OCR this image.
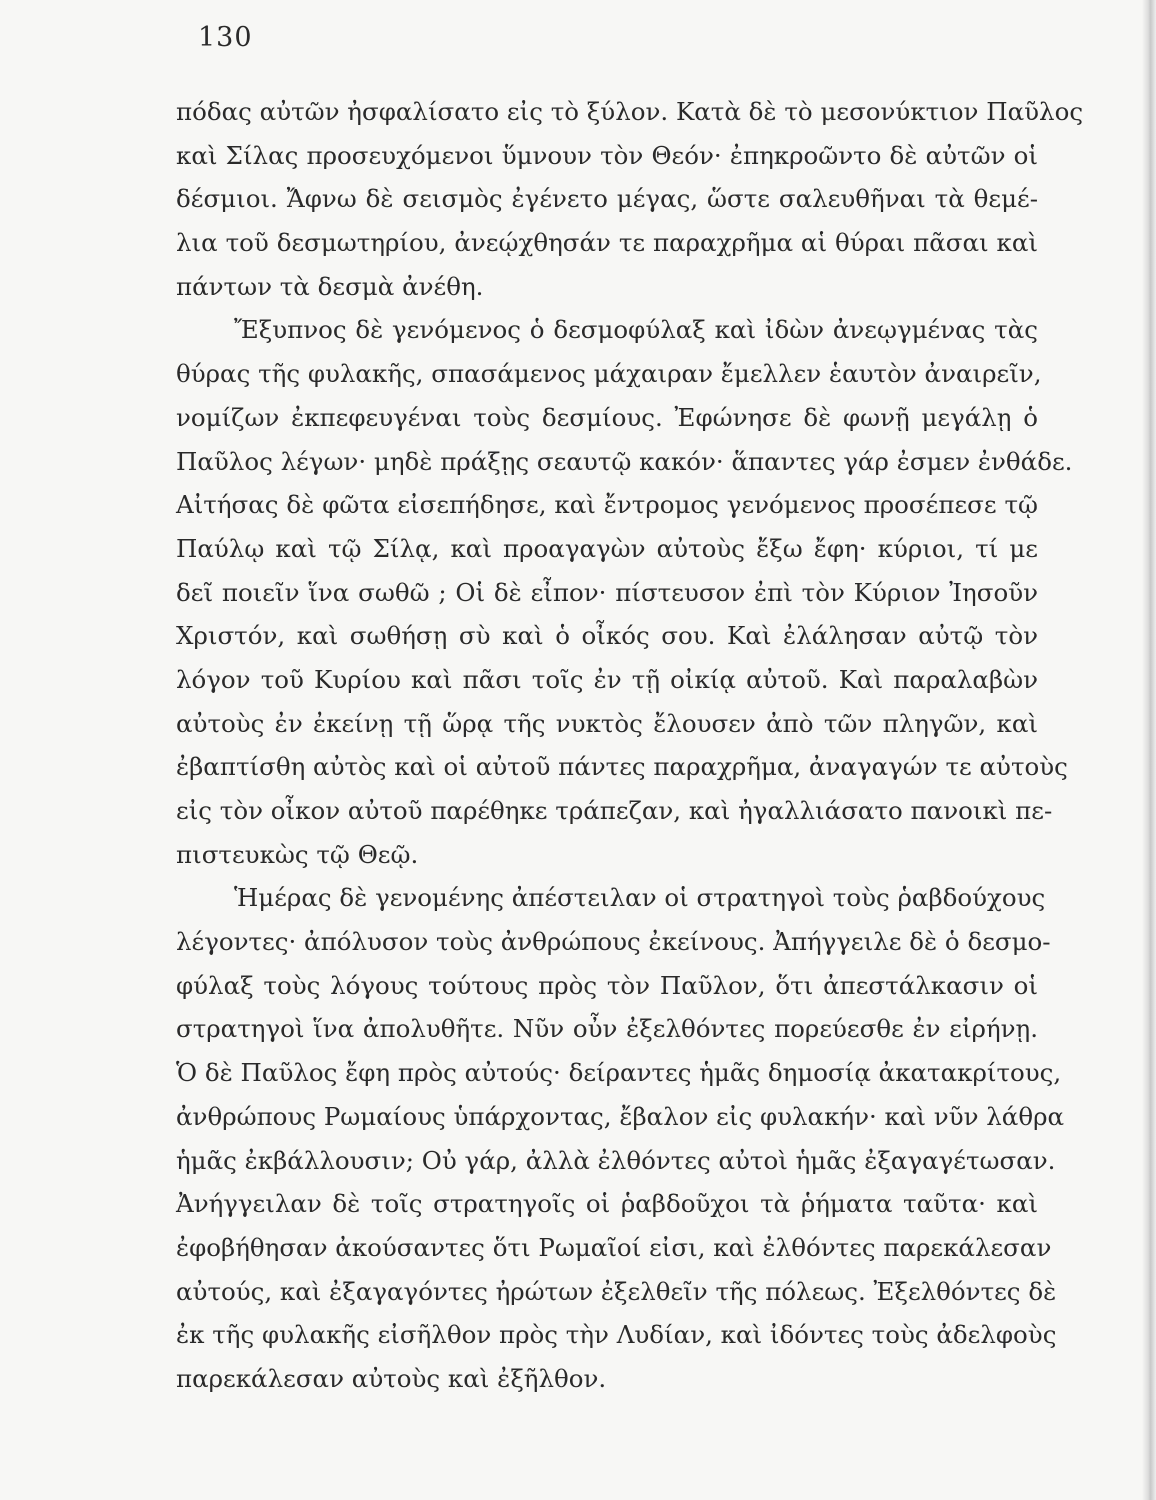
130
πόδας αὐτῶν ἠσφαλίσατο εἰς τὸ ξύλον. Κατὰ δὲ τὸ μεσονύκτιον Παῦλος
καὶ Σίλας προσευχόμενοι ὕμνουν τὸν Θεόν· ἐπηκροῶντο δὲ αὐτῶν οἱ
δέσμιοι. Ἄφνω δὲ σεισμὸς ἐγένετο μέγας, ὥστε σαλευθῆναι τὰ θεμέ-
λια τοῦ δεσμωτηρίου, ἀνεῴχθησάν τε παραχρῆμα αἱ θύραι πᾶσαι καὶ
πάντων τὰ δεσμὰ ἀνέθη.
Ἔξυπνος δὲ γενόμενος ὁ δεσμοφύλαξ καὶ ἰδὼν ἀνεῳγμένας τὰς
θύρας τῆς φυλακῆς, σπασάμενος μάχαιραν ἔμελλεν ἑαυτὸν ἀναιρεῖν,
νομίζων ἐκπεφευγέναι τοὺς δεσμίους. Ἐφώνησε δὲ φωνῇ μεγάλῃ ὁ
Παῦλος λέγων· μηδὲ πράξῃς σεαυτῷ κακόν· ἅπαντες γάρ ἐσμεν ἐνθάδε.
Αἰτήσας δὲ φῶτα εἰσεπήδησε, καὶ ἔντρομος γενόμενος προσέπεσε τῷ
Παύλῳ καὶ τῷ Σίλᾳ, καὶ προαγαγὼν αὐτοὺς ἔξω ἔφη· κύριοι, τί με
δεῖ ποιεῖν ἵνα σωθῶ ; Οἱ δὲ εἶπον· πίστευσον ἐπὶ τὸν Κύριον Ἰησοῦν
Χριστόν, καὶ σωθήσῃ σὺ καὶ ὁ οἶκός σου. Καὶ ἐλάλησαν αὐτῷ τὸν
λόγον τοῦ Κυρίου καὶ πᾶσι τοῖς ἐν τῇ οἰκίᾳ αὐτοῦ. Καὶ παραλαβὼν
αὐτοὺς ἐν ἐκείνῃ τῇ ὥρᾳ τῆς νυκτὸς ἔλουσεν ἀπὸ τῶν πληγῶν, καὶ
ἐβαπτίσθη αὐτὸς καὶ οἱ αὐτοῦ πάντες παραχρῆμα, ἀναγαγών τε αὐτοὺς
εἰς τὸν οἶκον αὐτοῦ παρέθηκε τράπεζαν, καὶ ἠγαλλιάσατο πανοικὶ πε-
πιστευκὼς τῷ Θεῷ.
Ἡμέρας δὲ γενομένης ἀπέστειλαν οἱ στρατηγοὶ τοὺς ῥαβδούχους
λέγοντες· ἀπόλυσον τοὺς ἀνθρώπους ἐκείνους. Ἀπήγγειλε δὲ ὁ δεσμο-
φύλαξ τοὺς λόγους τούτους πρὸς τὸν Παῦλον, ὅτι ἀπεστάλκασιν οἱ
στρατηγοὶ ἵνα ἀπολυθῆτε. Νῦν οὖν ἐξελθόντες πορεύεσθε ἐν εἰρήνῃ.
Ὁ δὲ Παῦλος ἔφη πρὸς αὐτούς· δείραντες ἡμᾶς δημοσίᾳ ἀκατακρίτους,
ἀνθρώπους Ρωμαίους ὑπάρχοντας, ἔβαλον εἰς φυλακήν· καὶ νῦν λάθρα
ἡμᾶς ἐκβάλλουσιν; Οὐ γάρ, ἀλλὰ ἐλθόντες αὐτοὶ ἡμᾶς ἐξαγαγέτωσαν.
Ἀνήγγειλαν δὲ τοῖς στρατηγοῖς οἱ ῥαβδοῦχοι τὰ ῥήματα ταῦτα· καὶ
ἐφοβήθησαν ἀκούσαντες ὅτι Ρωμαῖοί εἰσι, καὶ ἐλθόντες παρεκάλεσαν
αὐτούς, καὶ ἐξαγαγόντες ἠρώτων ἐξελθεῖν τῆς πόλεως. Ἐξελθόντες δὲ
ἐκ τῆς φυλακῆς εἰσῆλθον πρὸς τὴν Λυδίαν, καὶ ἰδόντες τοὺς ἀδελφοὺς
παρεκάλεσαν αὐτοὺς καὶ ἐξῆλθον.
